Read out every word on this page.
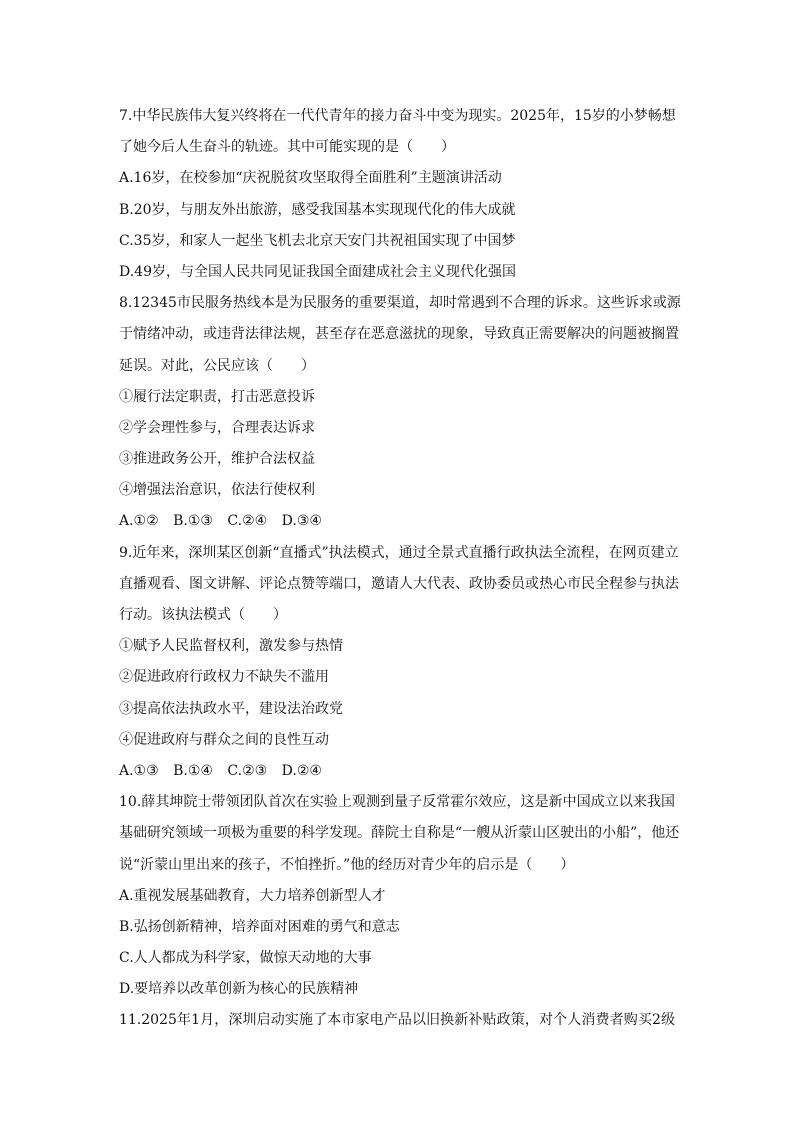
7.中华民族伟大复兴终将在一代代青年的接力奋斗中变为现实。2025年，15岁的小梦畅想
了她今后人生奋斗的轨迹。其中可能实现的是（　　）
A.16岁，在校参加“庆祝脱贫攻坚取得全面胜利”主题演讲活动
B.20岁，与朋友外出旅游，感受我国基本实现现代化的伟大成就
C.35岁，和家人一起坐飞机去北京天安门共祝祖国实现了中国梦
D.49岁，与全国人民共同见证我国全面建成社会主义现代化强国
8.12345市民服务热线本是为民服务的重要渠道，却时常遇到不合理的诉求。这些诉求或源
于情绪冲动，或违背法律法规，甚至存在恶意滋扰的现象，导致真正需要解决的问题被搁置
延误。对此，公民应该（　　）
①履行法定职责，打击恶意投诉
②学会理性参与，合理表达诉求
③推进政务公开，维护合法权益
④增强法治意识，依法行使权利
A.①② B.①③ C.②④ D.③④
9.近年来，深圳某区创新“直播式”执法模式，通过全景式直播行政执法全流程，在网页建立
直播观看、图文讲解、评论点赞等端口，邀请人大代表、政协委员或热心市民全程参与执法
行动。该执法模式（　　）
①赋予人民监督权利，激发参与热情
②促进政府行政权力不缺失不滥用
③提高依法执政水平，建设法治政党
④促进政府与群众之间的良性互动
A.①③ B.①④ C.②③ D.②④
10.薛其坤院士带领团队首次在实验上观测到量子反常霍尔效应，这是新中国成立以来我国
基础研究领域一项极为重要的科学发现。薛院士自称是“一艘从沂蒙山区驶出的小船”，他还
说“沂蒙山里出来的孩子，不怕挫折。”他的经历对青少年的启示是（　　）
A.重视发展基础教育，大力培养创新型人才
B.弘扬创新精神，培养面对困难的勇气和意志
C.人人都成为科学家，做惊天动地的大事
D.要培养以改革创新为核心的民族精神
11.2025年1月，深圳启动实施了本市家电产品以旧换新补贴政策，对个人消费者购买2级
